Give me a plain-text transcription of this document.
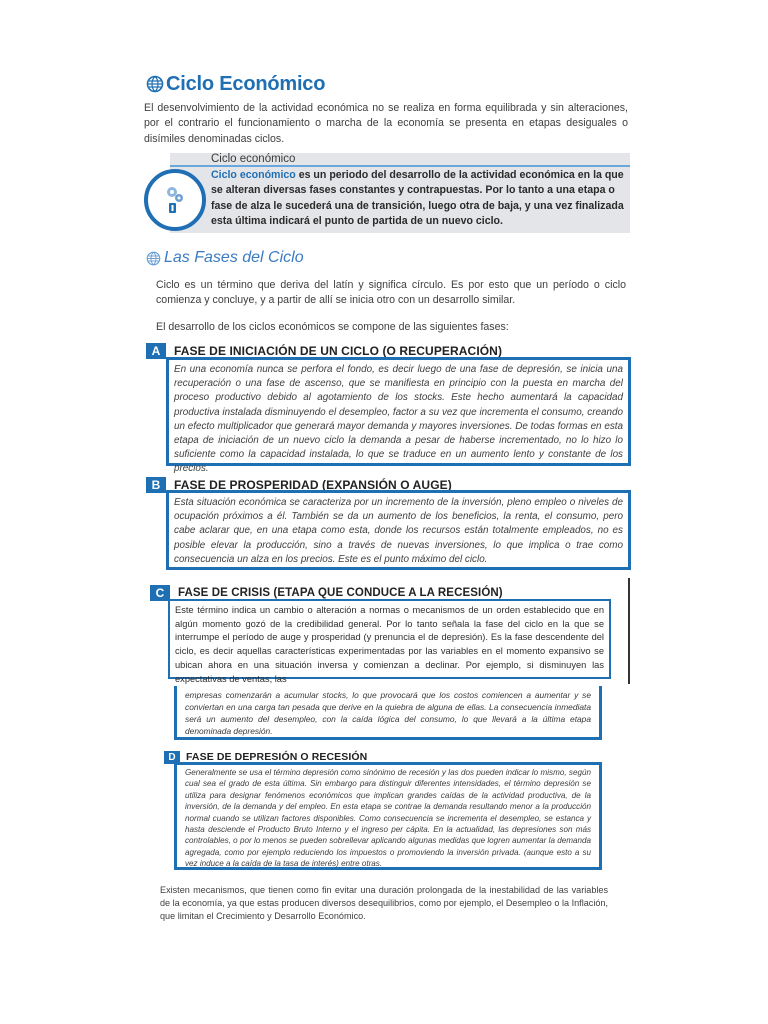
Ciclo Económico

El desenvolvimiento de la actividad económica no se realiza en forma equilibrada y sin alteraciones, por el contrario el funcionamiento o marcha de la economía se presenta en etapas desiguales o disímiles denominadas ciclos.

Ciclo económico

Ciclo económico es un periodo del desarrollo de la actividad económica en la que se alteran diversas fases constantes y contrapuestas. Por lo tanto a una etapa o fase de alza le sucederá una de transición, luego otra de baja, y una vez finalizada esta última indicará el punto de partida de un nuevo ciclo.

Las Fases del Ciclo

Ciclo es un término que deriva del latín y significa círculo. Es por esto que un período o ciclo comienza y concluye, y a partir de allí se inicia otro con un desarrollo similar.

El desarrollo de los ciclos económicos se compone de las siguientes fases:

A	FASE DE INICIACIÓN DE UN CICLO (O RECUPERACIÓN)

En una economía nunca se perfora el fondo, es decir luego de una fase de depresión, se inicia una recuperación o una fase de ascenso, que se manifiesta en principio con la puesta en marcha del proceso productivo debido al agotamiento de los stocks. Este hecho aumentará la capacidad productiva instalada disminuyendo el desempleo, factor a su vez que incrementa el consumo, creando un efecto multiplicador que generará mayor demanda y mayores inversiones. De todas formas en esta etapa de iniciación de un nuevo ciclo la demanda a pesar de haberse incrementado, no lo hizo lo suficiente como la capacidad instalada, lo que se traduce en un aumento lento y constante de los precios.

B	FASE DE PROSPERIDAD (EXPANSIÓN O AUGE)

Esta situación económica se caracteriza por un incremento de la inversión, pleno empleo o niveles de ocupación próximos a él. También se da un aumento de los beneficios, la renta, el consumo, pero cabe aclarar que, en una etapa como esta, donde los recursos están totalmente empleados, no es posible elevar la producción, sino a través de nuevas inversiones, lo que implica o trae como consecuencia un alza en los precios. Este es el punto máximo del ciclo.

C	FASE DE CRISIS (ETAPA QUE CONDUCE A LA RECESIÓN)

Este término indica un cambio o alteración a normas o mecanismos de un orden establecido que en algún momento gozó de la credibilidad general. Por lo tanto señala la fase del ciclo en la que se interrumpe el período de auge y prosperidad (y prenuncia el de depresión). Es la fase descendente del ciclo, es decir aquellas características experimentadas por las variables en el momento expansivo se ubican ahora en una situación inversa y comienzan a declinar. Por ejemplo, si disminuyen las expectativas de ventas, las

empresas comenzarán a acumular stocks, lo que provocará que los costos comiencen a aumentar y se conviertan en una carga tan pesada que derive en la quiebra de alguna de ellas. La consecuencia inmediata será un aumento del desempleo, con la caída lógica del consumo, lo que llevará a la última etapa denominada depresión.

D FASE DE DEPRESIÓN O RECESIÓN

Generalmente se usa el término depresión como sinónimo de recesión y las dos pueden indicar lo mismo, según cual sea el grado de esta última. Sin embargo para distinguir diferentes intensidades, el término depresión se utiliza para designar fenómenos económicos que implican grandes caídas de la actividad productiva, de la inversión, de la demanda y del empleo. En esta etapa se contrae la demanda resultando menor a la producción normal cuando se utilizan factores disponibles. Como consecuencia se incrementa el desempleo, se estanca y hasta desciende el Producto Bruto Interno y el ingreso per cápita. En la actualidad, las depresiones son más controlables, o por lo menos se pueden sobrellevar aplicando algunas medidas que logren aumentar la demanda agregada, como por ejemplo reduciendo los impuestos o promoviendo la inversión privada. (aunque esto a su vez induce a la caída de la tasa de interés) entre otras.

Existen mecanismos, que tienen como fin evitar una duración prolongada de la inestabilidad de las variables de la economía, ya que estas producen diversos desequilibrios, como por ejemplo, el Desempleo o la Inflación, que limitan el Crecimiento y Desarrollo Económico.
